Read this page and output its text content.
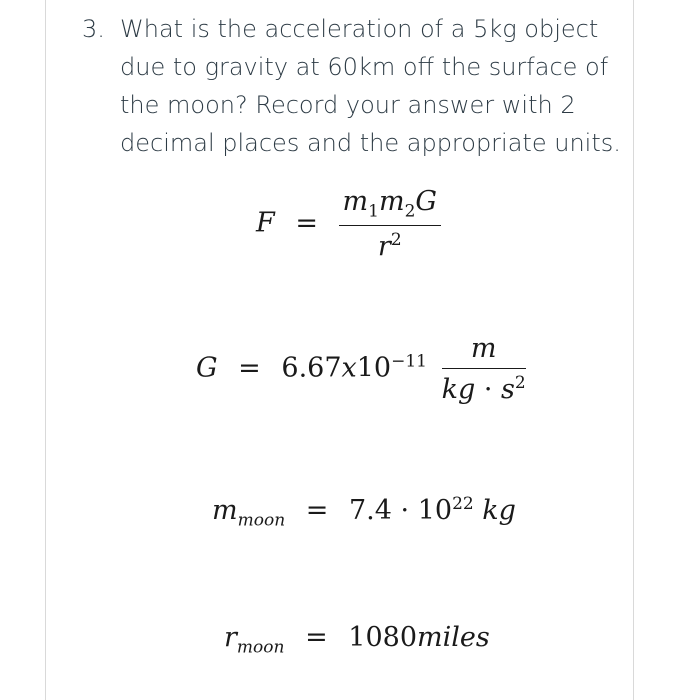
3. What is the acceleration of a 5kg object due to gravity at 60km off the surface of the moon? Record your answer with 2 decimal places and the appropriate units.
$F = \frac{m_1m_2G}{r^2}$
$G = 6.67x10^{-11} \frac{m}{kg \cdot s^2}$
$m_{moon} = 7.4 \cdot 10^{22}$ kg
$r_{moon}$ = 1080miles
